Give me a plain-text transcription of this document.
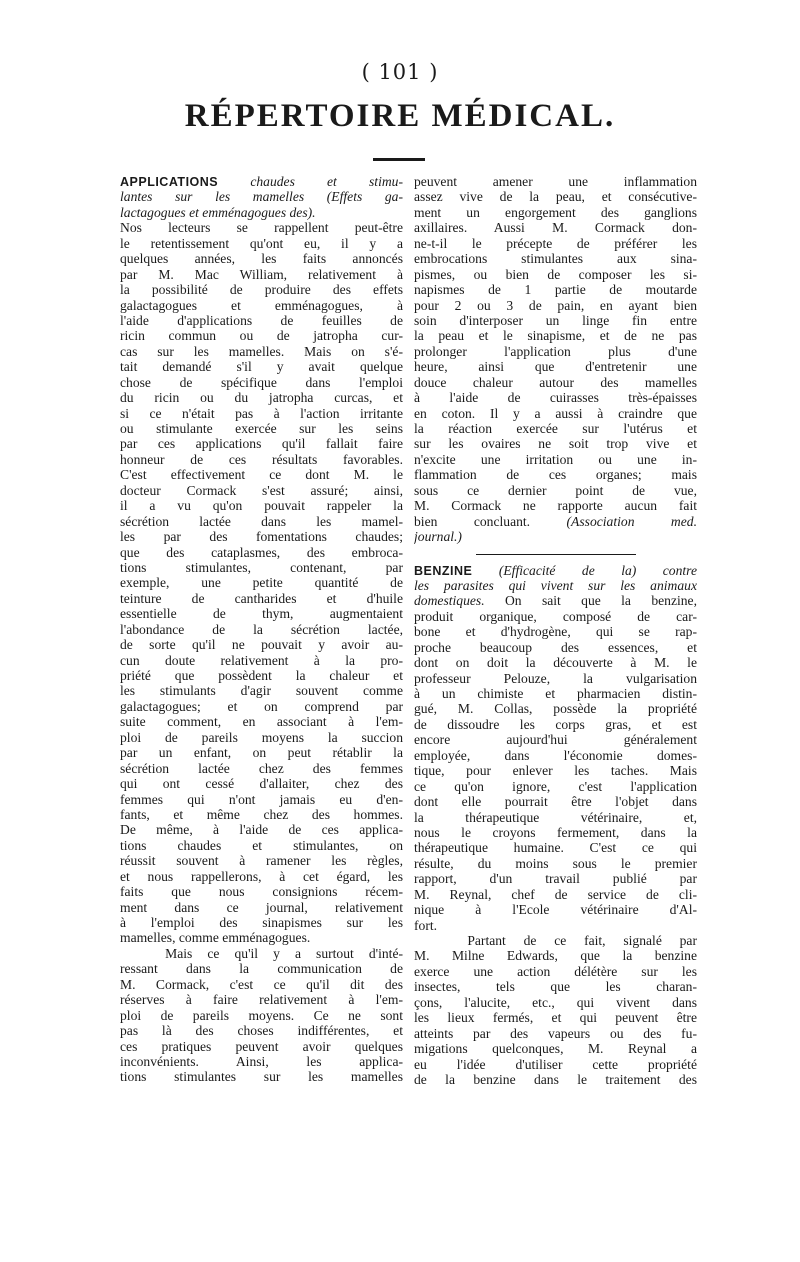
( 101 )
RÉPERTOIRE MÉDICAL.
APPLICATIONS chaudes et stimu-
lantes sur les mamelles (Effets ga-
lactagogues et emménagogues des).
Nos lecteurs se rappellent peut-être
le retentissement qu'ont eu, il y a
quelques années, les faits annoncés
par M. Mac William, relativement à
la possibilité de produire des effets
galactagogues et emménagogues, à
l'aide d'applications de feuilles de
ricin commun ou de jatropha cur-
cas sur les mamelles. Mais on s'é-
tait demandé s'il y avait quelque
chose de spécifique dans l'emploi
du ricin ou du jatropha curcas, et
si ce n'était pas à l'action irritante
ou stimulante exercée sur les seins
par ces applications qu'il fallait faire
honneur de ces résultats favorables.
C'est effectivement ce dont M. le
docteur Cormack s'est assuré; ainsi,
il a vu qu'on pouvait rappeler la
sécrétion lactée dans les mamel-
les par des fomentations chaudes;
que des cataplasmes, des embroca-
tions stimulantes, contenant, par
exemple, une petite quantité de
teinture de cantharides et d'huile
essentielle de thym, augmentaient
l'abondance de la sécrétion lactée,
de sorte qu'il ne pouvait y avoir au-
cun doute relativement à la pro-
priété que possèdent la chaleur et
les stimulants d'agir souvent comme
galactagogues; et on comprend par
suite comment, en associant à l'em-
ploi de pareils moyens la succion
par un enfant, on peut rétablir la
sécrétion lactée chez des femmes
qui ont cessé d'allaiter, chez des
femmes qui n'ont jamais eu d'en-
fants, et même chez des hommes.
De même, à l'aide de ces applica-
tions chaudes et stimulantes, on
réussit souvent à ramener les règles,
et nous rappellerons, à cet égard, les
faits que nous consignions récem-
ment dans ce journal, relativement
à l'emploi des sinapismes sur les
mamelles, comme emménagogues.
Mais ce qu'il y a surtout d'inté-
ressant dans la communication de
M. Cormack, c'est ce qu'il dit des
réserves à faire relativement à l'em-
ploi de pareils moyens. Ce ne sont
pas là des choses indifférentes, et
ces pratiques peuvent avoir quelques
inconvénients. Ainsi, les applica-
tions stimulantes sur les mamelles
peuvent amener une inflammation
assez vive de la peau, et consécutive-
ment un engorgement des ganglions
axillaires. Aussi M. Cormack don-
ne-t-il le précepte de préférer les
embrocations stimulantes aux sina-
pismes, ou bien de composer les si-
napismes de 1 partie de moutarde
pour 2 ou 3 de pain, en ayant bien
soin d'interposer un linge fin entre
la peau et le sinapisme, et de ne pas
prolonger l'application plus d'une
heure, ainsi que d'entretenir une
douce chaleur autour des mamelles
à l'aide de cuirasses très-épaisses
en coton. Il y a aussi à craindre que
la réaction exercée sur l'utérus et
sur les ovaires ne soit trop vive et
n'excite une irritation ou une in-
flammation de ces organes; mais
sous ce dernier point de vue,
M. Cormack ne rapporte aucun fait
bien concluant. (Association med.
journal.)
BENZINE (Efficacité de la) contre
les parasites qui vivent sur les animaux
domestiques. On sait que la benzine,
produit organique, composé de car-
bone et d'hydrogène, qui se rap-
proche beaucoup des essences, et
dont on doit la découverte à M. le
professeur Pelouze, la vulgarisation
à un chimiste et pharmacien distin-
gué, M. Collas, possède la propriété
de dissoudre les corps gras, et est
encore aujourd'hui généralement
employée, dans l'économie domes-
tique, pour enlever les taches. Mais
ce qu'on ignore, c'est l'application
dont elle pourrait être l'objet dans
la thérapeutique vétérinaire, et,
nous le croyons fermement, dans la
thérapeutique humaine. C'est ce qui
résulte, du moins sous le premier
rapport, d'un travail publié par
M. Reynal, chef de service de cli-
nique à l'Ecole vétérinaire d'Al-
fort.
Partant de ce fait, signalé par
M. Milne Edwards, que la benzine
exerce une action délétère sur les
insectes, tels que les charan-
çons, l'alucite, etc., qui vivent dans
les lieux fermés, et qui peuvent être
atteints par des vapeurs ou des fu-
migations quelconques, M. Reynal a
eu l'idée d'utiliser cette propriété
de la benzine dans le traitement des
